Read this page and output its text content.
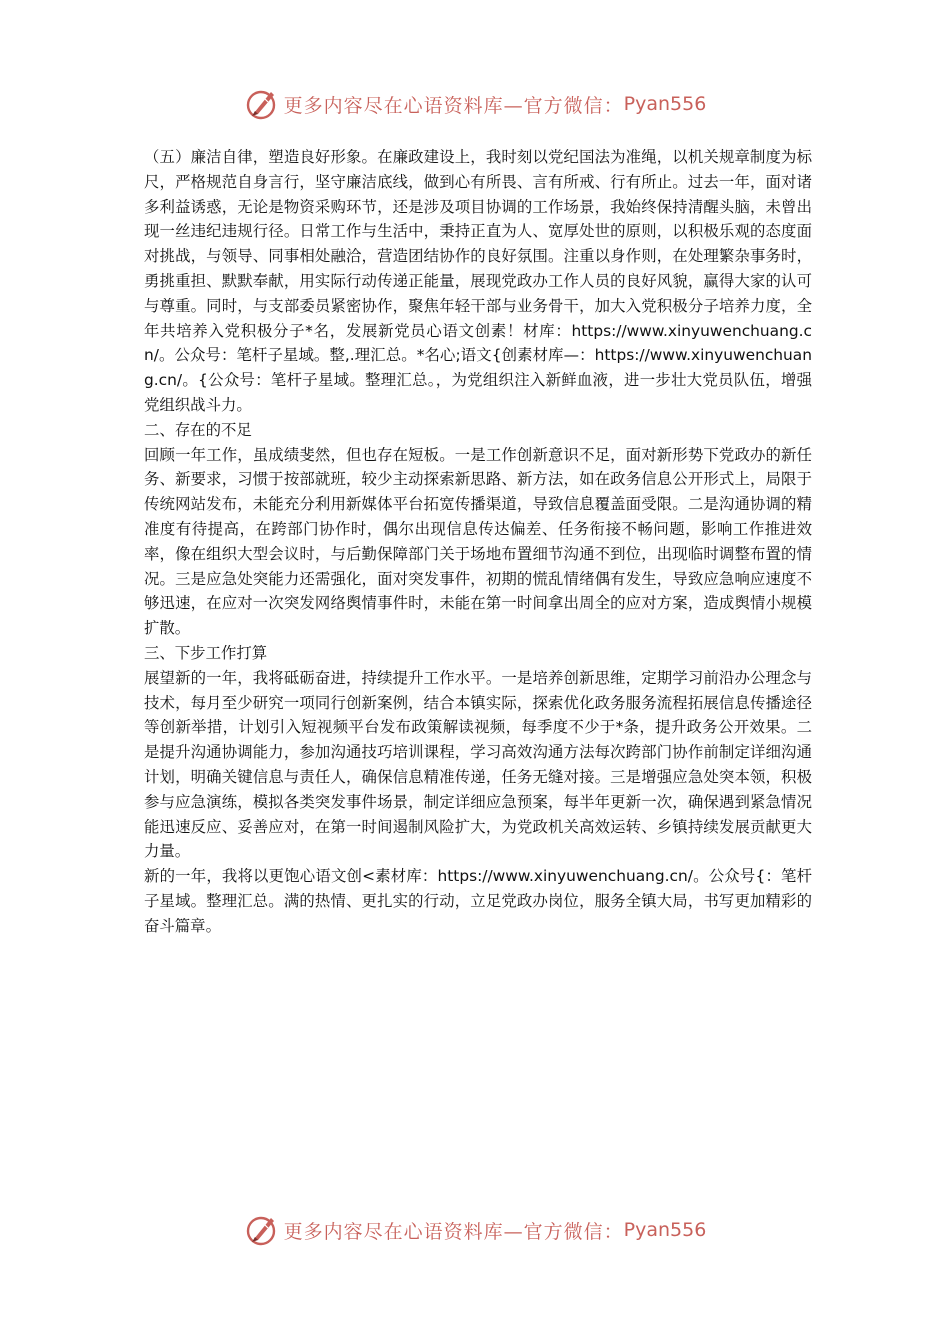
更多内容尽在心语资料库—官方微信： Pyan556

（五）廉洁自律，塑造良好形象。在廉政建设上，我时刻以党纪国法为准绳，以机关规章制度为标尺，严格规范自身言行，坚守廉洁底线，做到心有所畏、言有所戒、行有所止。过去一年，面对诸多利益诱惑，无论是物资采购环节，还是涉及项目协调的工作场景，我始终保持清醒头脑，未曾出现一丝违纪违规行径。日常工作与生活中，秉持正直为人、宽厚处世的原则，以积极乐观的态度面对挑战，与领导、同事相处融洽，营造团结协作的良好氛围。注重以身作则，在处理繁杂事务时，勇挑重担、默默奉献，用实际行动传递正能量，展现党政办工作人员的良好风貌，赢得大家的认可与尊重。同时，与支部委员紧密协作，聚焦年轻干部与业务骨干，加大入党积极分子培养力度，全年共培养入党积极分子*名，发展新党员心语文创素！材库：https://www.xinyuwenchuang.cn/。公众号：笔杆子星域。整,.理汇总。*名心;语文{创素材库—：https://www.xinyuwenchuang.cn/。{公众号：笔杆子星域。整理汇总。，为党组织注入新鲜血液，进一步壮大党员队伍，增强党组织战斗力。

二、存在的不足

回顾一年工作，虽成绩斐然，但也存在短板。一是工作创新意识不足，面对新形势下党政办的新任务、新要求，习惯于按部就班，较少主动探索新思路、新方法，如在政务信息公开形式上，局限于传统网站发布，未能充分利用新媒体平台拓宽传播渠道，导致信息覆盖面受限。二是沟通协调的精准度有待提高，在跨部门协作时，偶尔出现信息传达偏差、任务衔接不畅问题，影响工作推进效率，像在组织大型会议时，与后勤保障部门关于场地布置细节沟通不到位，出现临时调整布置的情况。三是应急处突能力还需强化，面对突发事件，初期的慌乱情绪偶有发生，导致应急响应速度不够迅速，在应对一次突发网络舆情事件时，未能在第一时间拿出周全的应对方案，造成舆情小规模扩散。

三、下步工作打算

展望新的一年，我将砥砺奋进，持续提升工作水平。一是培养创新思维，定期学习前沿办公理念与技术，每月至少研究一项同行创新案例，结合本镇实际，探索优化政务服务流程拓展信息传播途径等创新举措，计划引入短视频平台发布政策解读视频，每季度不少于*条，提升政务公开效果。二是提升沟通协调能力，参加沟通技巧培训课程，学习高效沟通方法每次跨部门协作前制定详细沟通计划，明确关键信息与责任人，确保信息精准传递，任务无缝对接。三是增强应急处突本领，积极参与应急演练，模拟各类突发事件场景，制定详细应急预案，每半年更新一次，确保遇到紧急情况能迅速反应、妥善应对，在第一时间遏制风险扩大，为党政机关高效运转、乡镇持续发展贡献更大力量。

新的一年，我将以更饱心语文创<素材库：https://www.xinyuwenchuang.cn/。公众号{：笔杆子星域。整理汇总。满的热情、更扎实的行动，立足党政办岗位，服务全镇大局，书写更加精彩的奋斗篇章。

更多内容尽在心语资料库—官方微信： Pyan556
